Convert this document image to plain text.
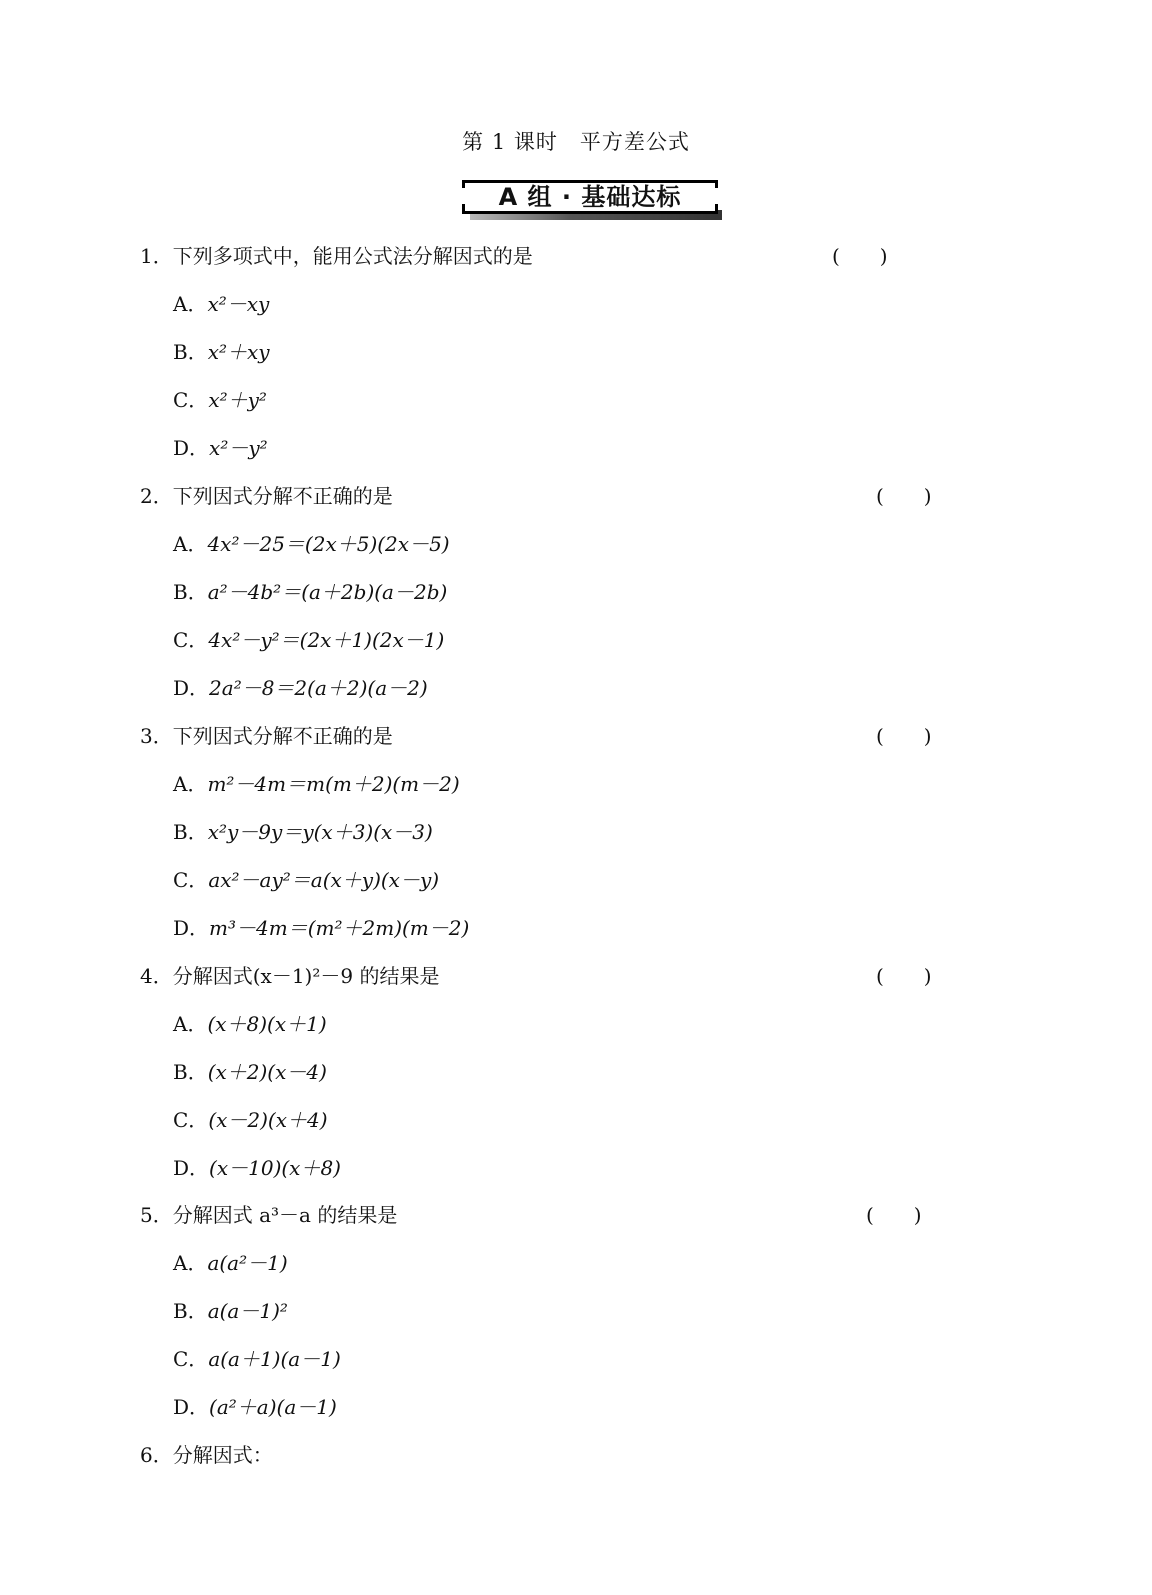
第 1 课时　平方差公式
A 组 · 基础达标
1．下列多项式中，能用公式法分解因式的是	(　　)
A．x²－xy
B．x²＋xy
C．x²＋y²
D．x²－y²
2．下列因式分解不正确的是	(　　)
A．4x²－25＝(2x＋5)(2x－5)
B．a²－4b²＝(a＋2b)(a－2b)
C．4x²－y²＝(2x＋1)(2x－1)
D．2a²－8＝2(a＋2)(a－2)
3．下列因式分解不正确的是	(　　)
A．m²－4m＝m(m＋2)(m－2)
B．x²y－9y＝y(x＋3)(x－3)
C．ax²－ay²＝a(x＋y)(x－y)
D．m³－4m＝(m²＋2m)(m－2)
4．分解因式(x－1)²－9 的结果是	(　　)
A．(x＋8)(x＋1)
B．(x＋2)(x－4)
C．(x－2)(x＋4)
D．(x－10)(x＋8)
5．分解因式 a³－a 的结果是	(　　)
A．a(a²－1)
B．a(a－1)²
C．a(a＋1)(a－1)
D．(a²＋a)(a－1)
6．分解因式：
